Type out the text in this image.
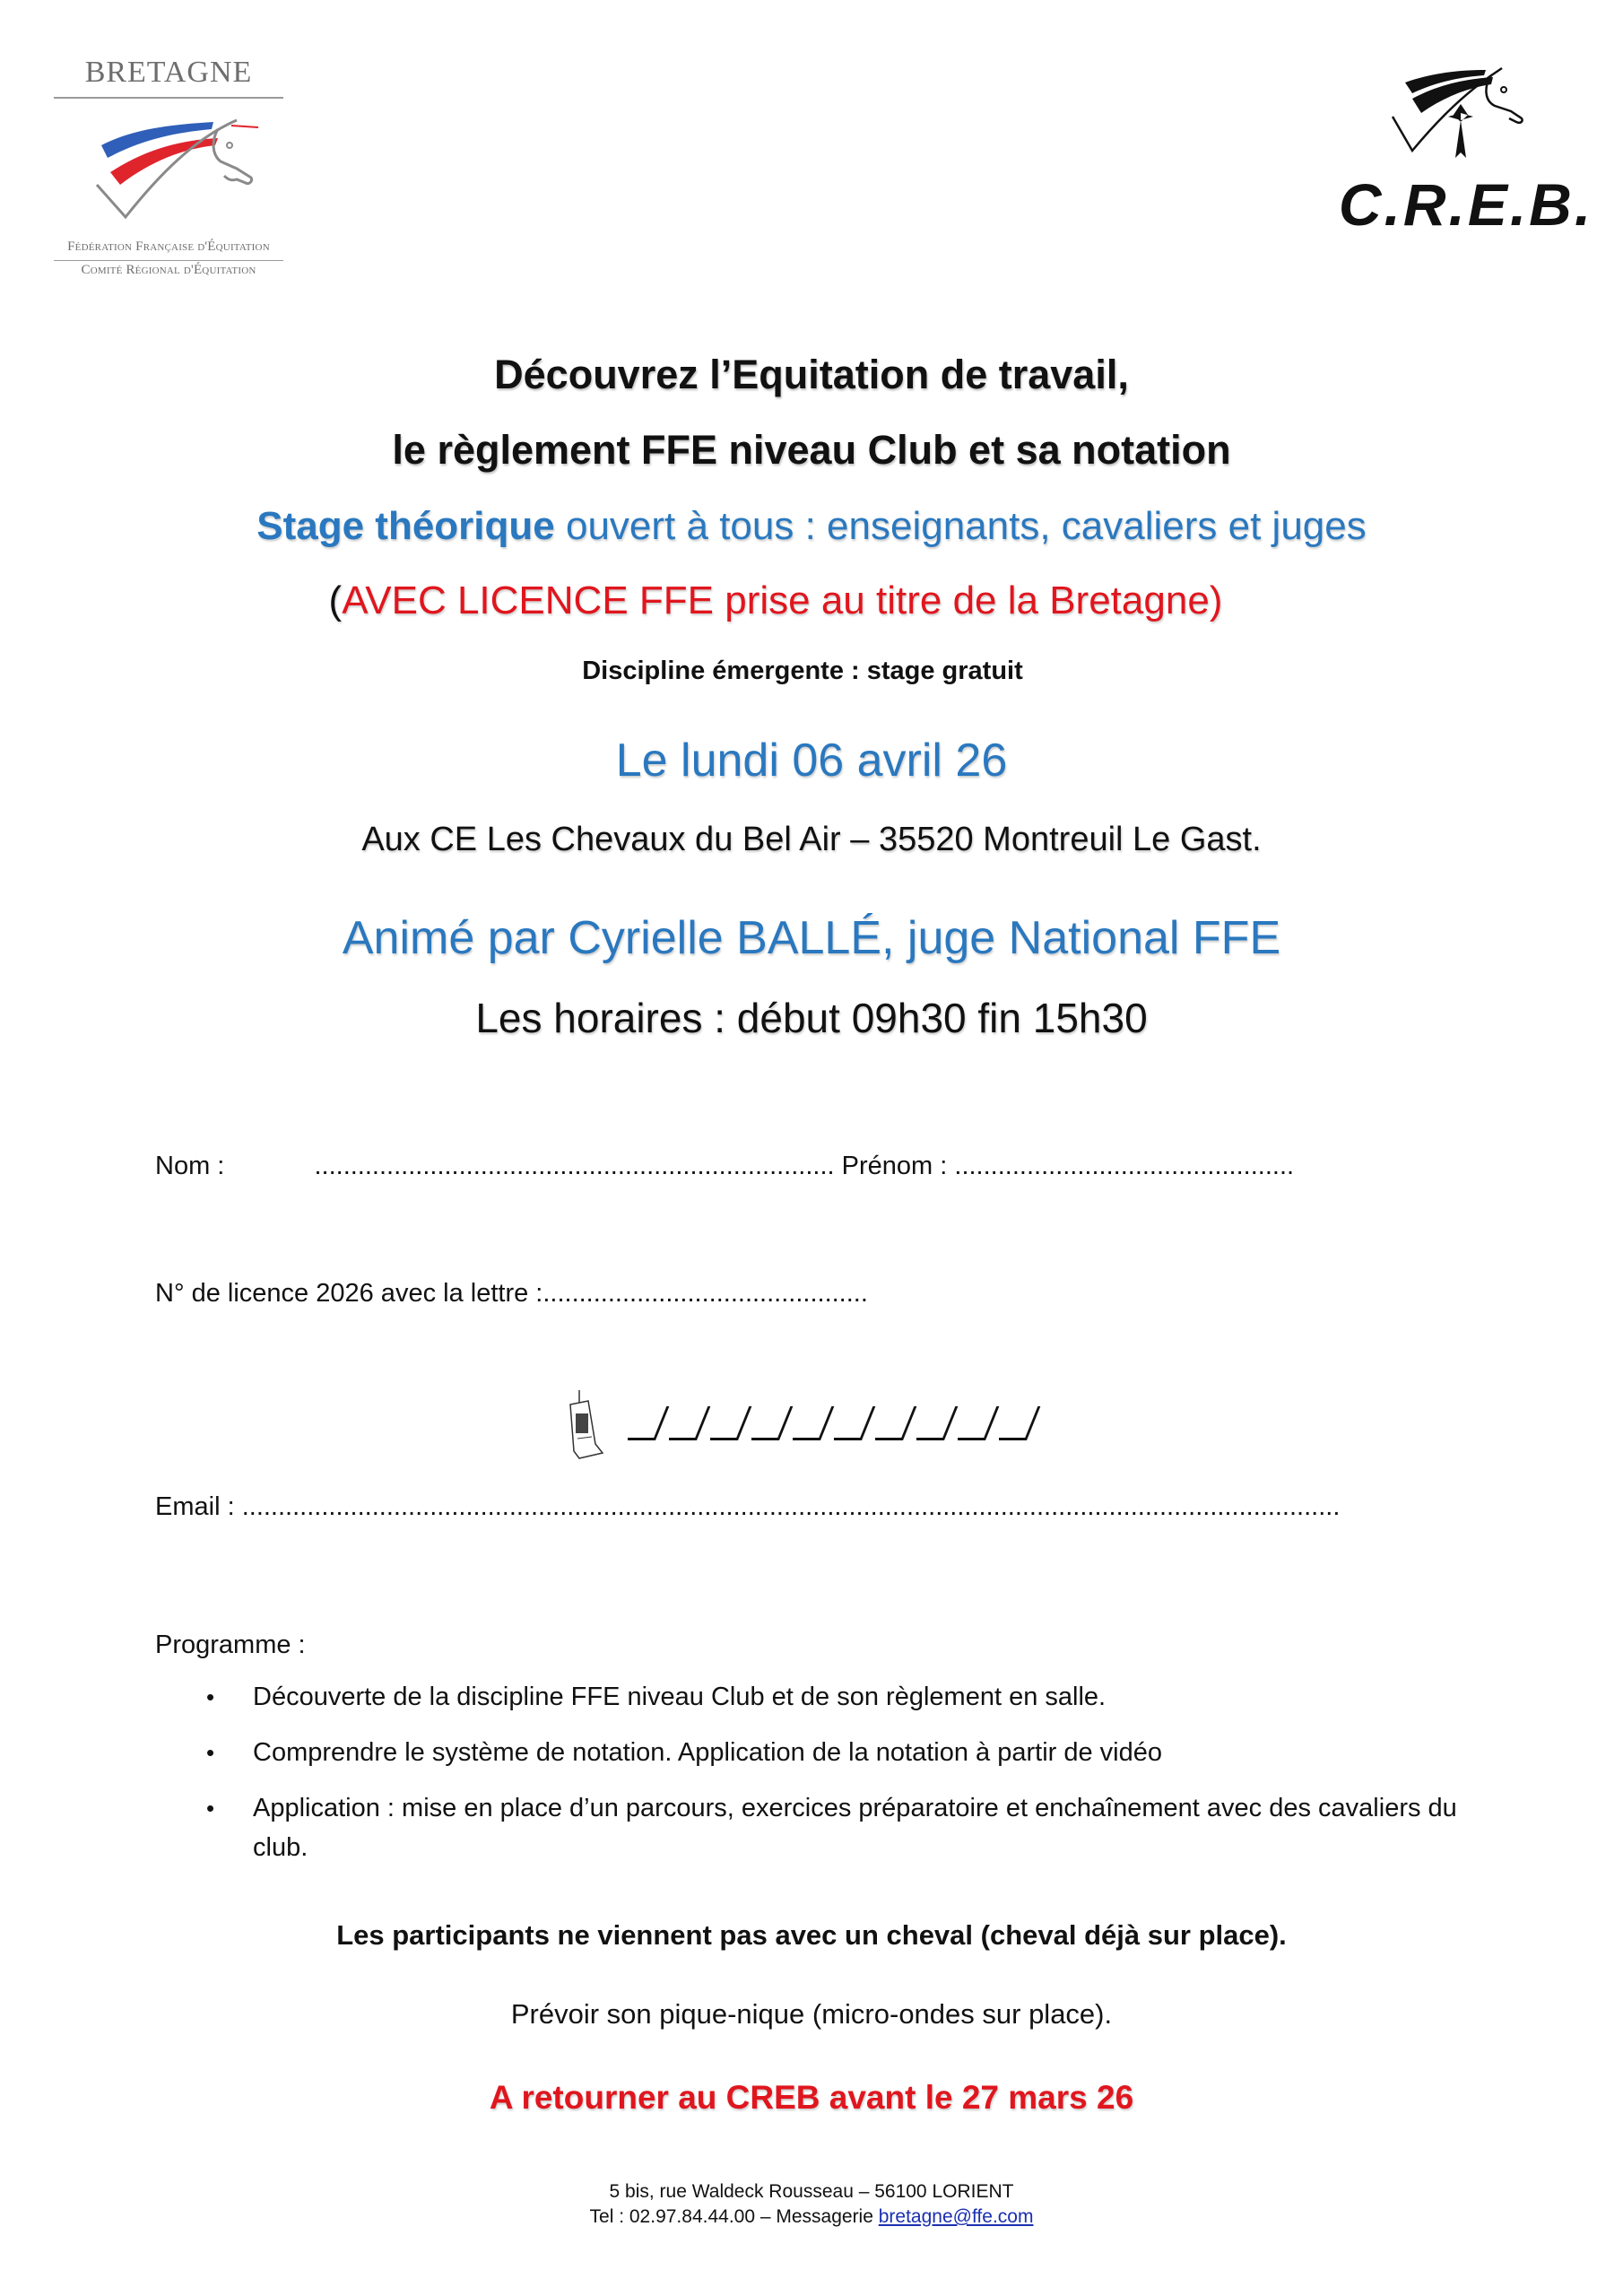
BRETAGNE
Fédération Française d'Équitation
Comité Régional d'Équitation
C.R.E.B.
Découvrez l’Equitation de travail,
le règlement FFE niveau Club et sa notation
Stage théorique ouvert à tous : enseignants, cavaliers et juges
(AVEC LICENCE FFE prise au titre de la Bretagne)
Discipline émergente : stage gratuit
Le lundi 06 avril 26
Aux CE Les Chevaux du Bel Air – 35520 Montreuil Le Gast.
Animé par Cyrielle BALLÉ, juge National FFE
Les horaires : début 09h30 fin 15h30
Nom :	........................................................................ Prénom : ...............................................
N° de licence 2026 avec la lettre :.............................................
Email : ........................................................................................................................................................
Programme :
• Découverte de la discipline FFE niveau Club et de son règlement en salle.
• Comprendre le système de notation. Application de la notation à partir de vidéo
• Application : mise en place d’un parcours, exercices préparatoire et enchaînement avec des cavaliers du club.
Les participants ne viennent pas avec un cheval (cheval déjà sur place).
Prévoir son pique-nique (micro-ondes sur place).
A retourner au CREB avant le 27 mars 26
5 bis, rue Waldeck Rousseau – 56100 LORIENT
Tel : 02.97.84.44.00 – Messagerie bretagne@ffe.com
